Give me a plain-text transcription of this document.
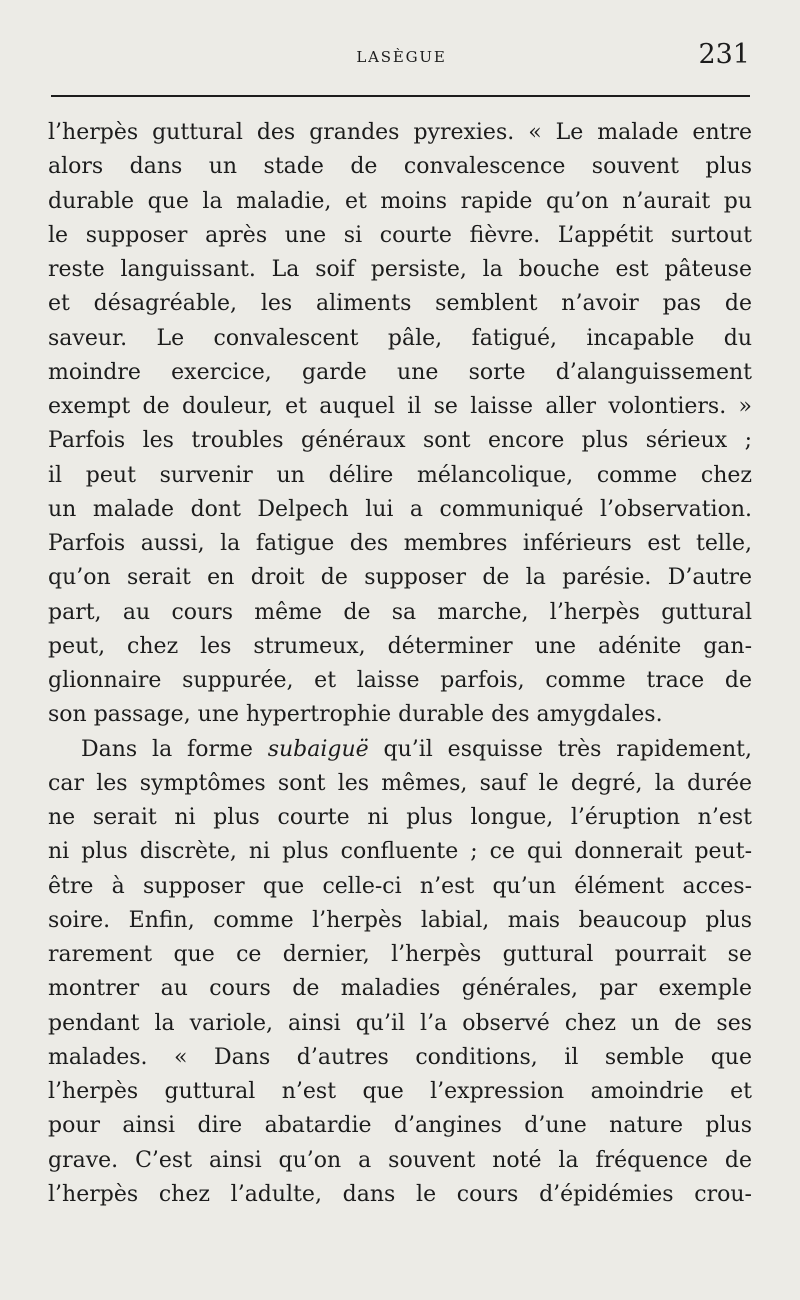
LASÈGUE	231
l’herpès guttural des grandes pyrexies. « Le malade entre
alors dans un stade de convalescence souvent plus
durable que la maladie, et moins rapide qu’on n’aurait pu
le supposer après une si courte fièvre. L’appétit surtout
reste languissant. La soif persiste, la bouche est pâteuse
et désagréable, les aliments semblent n’avoir pas de
saveur. Le convalescent pâle, fatigué, incapable du
moindre exercice, garde une sorte d’alanguissement
exempt de douleur, et auquel il se laisse aller volontiers. »
Parfois les troubles généraux sont encore plus sérieux ;
il peut survenir un délire mélancolique, comme chez
un malade dont Delpech lui a communiqué l’observation.
Parfois aussi, la fatigue des membres inférieurs est telle,
qu’on serait en droit de supposer de la parésie. D’autre
part, au cours même de sa marche, l’herpès guttural
peut, chez les strumeux, déterminer une adénite gan-
glionnaire suppurée, et laisse parfois, comme trace de
son passage, une hypertrophie durable des amygdales.
Dans la forme subaiguë qu’il esquisse très rapidement,
car les symptômes sont les mêmes, sauf le degré, la durée
ne serait ni plus courte ni plus longue, l’éruption n’est
ni plus discrète, ni plus confluente ; ce qui donnerait peut-
être à supposer que celle-ci n’est qu’un élément acces-
soire. Enfin, comme l’herpès labial, mais beaucoup plus
rarement que ce dernier, l’herpès guttural pourrait se
montrer au cours de maladies générales, par exemple
pendant la variole, ainsi qu’il l’a observé chez un de ses
malades. « Dans d’autres conditions, il semble que
l’herpès guttural n’est que l’expression amoindrie et
pour ainsi dire abatardie d’angines d’une nature plus
grave. C’est ainsi qu’on a souvent noté la fréquence de
l’herpès chez l’adulte, dans le cours d’épidémies crou-
